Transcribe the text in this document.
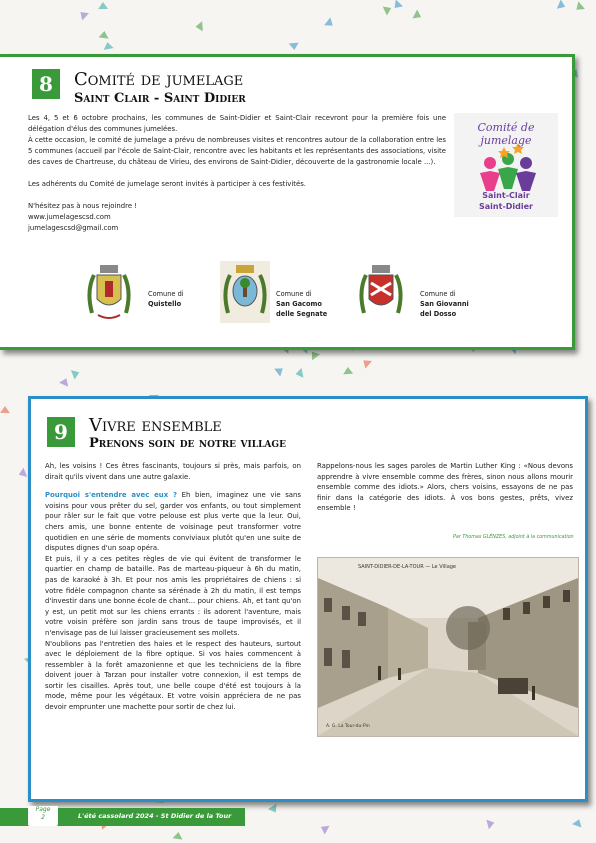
8	Comité de jumelage
Saint Clair - Saint Didier

Les 4, 5 et 6 octobre prochains, les communes de Saint-Didier et Saint-Clair recevront pour la première fois une délégation d'élus des communes jumelées.

À cette occasion, le comité de jumelage a prévu de nombreuses visites et rencontres autour de la collaboration entre les 5 communes (accueil par l'école de Saint-Clair, rencontre avec les habitants et les représentants des associations, visite des caves de Chartreuse, du château de Virieu, des environs de Saint-Didier, découverte de la gastronomie locale ...).

Les adhérents du Comité de jumelage seront invités à participer à ces festivités.

N'hésitez pas à nous rejoindre !

www.jumelagescsd.com

jumelagescsd@gmail.com

Comité de jumelage
Saint-Clair
Saint-Didier
Comune di
Quistello
Comune di
San Gacomo delle Segnate
Comune di
San Giovanni del Dosso
9	Vivre ensemble
Prenons soin de notre village

Ah, les voisins ! Ces êtres fascinants, toujours si près, mais parfois, on dirait qu'ils vivent dans une autre galaxie.

Pourquoi s'entendre avec eux ? Eh bien, imaginez une vie sans voisins pour vous prêter du sel, garder vos enfants, ou tout simplement pour râler sur le fait que votre pelouse est plus verte que la leur. Oui, chers amis, une bonne entente de voisinage peut transformer votre quotidien en une série de moments conviviaux plutôt qu'en une suite de disputes dignes d'un soap opéra.

Et puis, il y a ces petites règles de vie qui évitent de transformer le quartier en champ de bataille. Pas de marteau-piqueur à 6h du matin, pas de karaoké à 3h. Et pour nos amis les propriétaires de chiens : si votre fidèle compagnon chante sa sérénade à 2h du matin, il est temps d'investir dans une bonne école de chant... pour chiens. Ah, et tant qu'on y est, un petit mot sur les chiens errants : ils adorent l'aventure, mais votre voisin préfère son jardin sans trous de taupe improvisés, et il n'envisage pas de lui laisser gracieusement ses mollets.

N'oublions pas l'entretien des haies et le respect des hauteurs, surtout avec le déploiement de la fibre optique. Si vos haies commencent à ressembler à la forêt amazonienne et que les techniciens de la fibre doivent jouer à Tarzan pour installer votre connexion, il est temps de sortir les cisailles. Après tout, une belle coupe d'été est toujours à la mode, même pour les végétaux. Et votre voisin appréciera de ne pas devoir emprunter une machette pour sortir de chez lui.

Rappelons-nous les sages paroles de Martin Luther King : «Nous devons apprendre à vivre ensemble comme des frères, sinon nous allons mourir ensemble comme des idiots.» Alors, chers voisins, essayons de ne pas finir dans la catégorie des idiots. À vos bons gestes, prêts, vivez ensemble !

Par Thomas GLÉNZES, adjoint à la communication
SAINT-DIDIER-DE-LA-TOUR — Le Village
A. G. La Tour-du-Pin
L'été cassolard 2024 - St Didier de la Tour
Page
2
